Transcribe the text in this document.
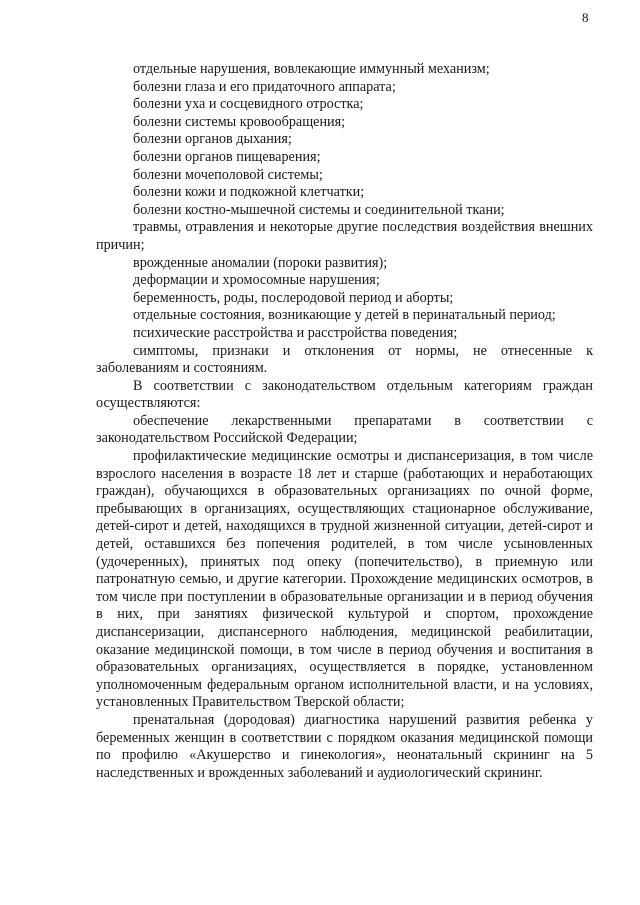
8

отдельные нарушения, вовлекающие иммунный механизм;

болезни глаза и его придаточного аппарата;

болезни уха и сосцевидного отростка;

болезни системы кровообращения;

болезни органов дыхания;

болезни органов пищеварения;

болезни мочеполовой системы;

болезни кожи и подкожной клетчатки;

болезни костно-мышечной системы и соединительной ткани;

травмы, отравления и некоторые другие последствия воздействия внешних причин;

врожденные аномалии (пороки развития);

деформации и хромосомные нарушения;

беременность, роды, послеродовой период и аборты;

отдельные состояния, возникающие у детей в перинатальный период;

психические расстройства и расстройства поведения;

симптомы, признаки и отклонения от нормы, не отнесенные к заболеваниям и состояниям.

В соответствии с законодательством отдельным категориям граждан осуществляются:

обеспечение лекарственными препаратами в соответствии с законодательством Российской Федерации;

профилактические медицинские осмотры и диспансеризация, в том числе взрослого населения в возрасте 18 лет и старше (работающих и неработающих граждан), обучающихся в образовательных организациях по очной форме, пребывающих в организациях, осуществляющих стационарное обслуживание, детей-сирот и детей, находящихся в трудной жизненной ситуации, детей-сирот и детей, оставшихся без попечения родителей, в том числе усыновленных (удочеренных), принятых под опеку (попечительство), в приемную или патронатную семью, и другие категории. Прохождение медицинских осмотров, в том числе при поступлении в образовательные организации и в период обучения в них, при занятиях физической культурой и спортом, прохождение диспансеризации, диспансерного наблюдения, медицинской реабилитации, оказание медицинской помощи, в том числе в период обучения и воспитания в образовательных организациях, осуществляется в порядке, установленном уполномоченным федеральным органом исполнительной власти, и на условиях, установленных Правительством Тверской области;

пренатальная (дородовая) диагностика нарушений развития ребенка у беременных женщин в соответствии с порядком оказания медицинской помощи по профилю «Акушерство и гинекология», неонатальный скрининг на 5 наследственных и врожденных заболеваний и аудиологический скрининг.
